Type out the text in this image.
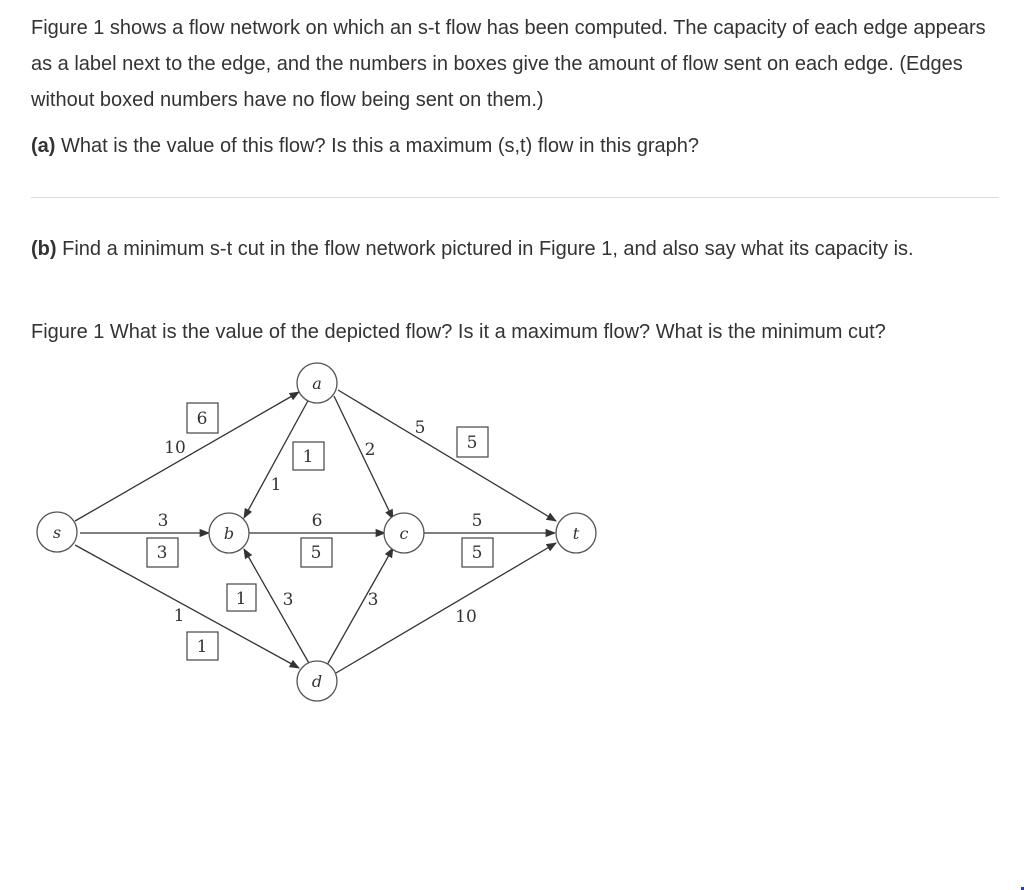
Figure 1 shows a flow network on which an s-t flow has been computed. The capacity of each edge appears as a label next to the edge, and the numbers in boxes give the amount of flow sent on each edge. (Edges without boxed numbers have no flow being sent on them.)

(a) What is the value of this flow? Is this a maximum (s,t) flow in this graph?

(b) Find a minimum s-t cut in the flow network pictured in Figure 1, and also say what its capacity is.

Figure 1 What is the value of the depicted flow? Is it a maximum flow? What is the minimum cut?

s
a
b	c
d
t
6
1
5
3	5	5
1
1
10
1
2
5
3	6	5
3	3
1	10
